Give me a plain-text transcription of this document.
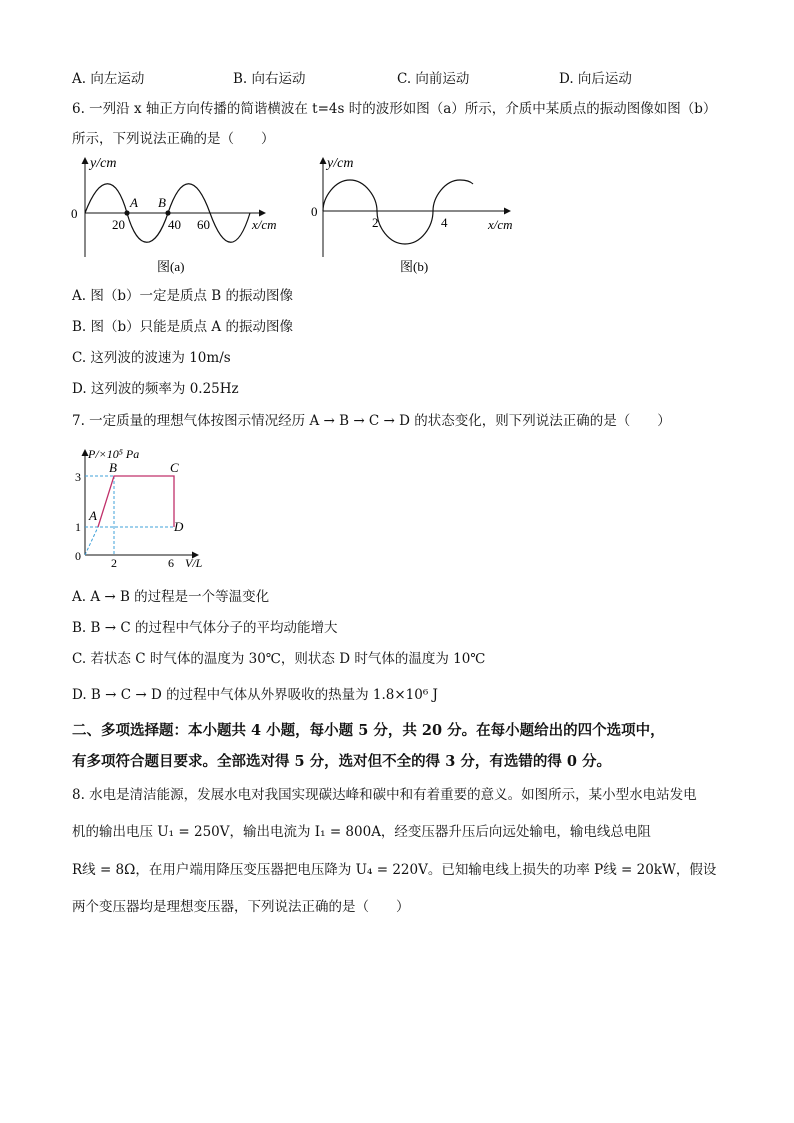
A. 向左运动	B. 向右运动	C. 向前运动	D. 向后运动
6. 一列沿 x 轴正方向传播的简谐横波在 t=4s 时的波形如图（a）所示，介质中某质点的振动图像如图（b）
所示，下列说法正确的是（　　）
y/cm
0
A B
20	40 60	x/cm
图(a)
y/cm
0
2	4	x/cm
图(b)
A. 图（b）一定是质点 B 的振动图像
B. 图（b）只能是质点 A 的振动图像
C. 这列波的波速为 10m/s
D. 这列波的频率为 0.25Hz
7. 一定质量的理想气体按图示情况经历 A → B → C → D 的状态变化，则下列说法正确的是（　　）
P/×10⁵ Pa
3
1
0	2	6 V/L
A
B	C
D
A. A → B 的过程是一个等温变化
B. B → C 的过程中气体分子的平均动能增大
C. 若状态 C 时气体的温度为 30℃，则状态 D 时气体的温度为 10℃
D. B → C → D 的过程中气体从外界吸收的热量为 1.8×10⁶ J
二、多项选择题：本小题共 4 小题，每小题 5 分，共 20 分。在每小题给出的四个选项中，
有多项符合题目要求。全部选对得 5 分，选对但不全的得 3 分，有选错的得 0 分。
8. 水电是清洁能源，发展水电对我国实现碳达峰和碳中和有着重要的意义。如图所示，某小型水电站发电
机的输出电压 U₁ = 250V，输出电流为 I₁ = 800A，经变压器升压后向远处输电，输电线总电阻
R线 = 8Ω，在用户端用降压变压器把电压降为 U₄ = 220V。已知输电线上损失的功率 P线 = 20kW，假设
两个变压器均是理想变压器，下列说法正确的是（　　）
